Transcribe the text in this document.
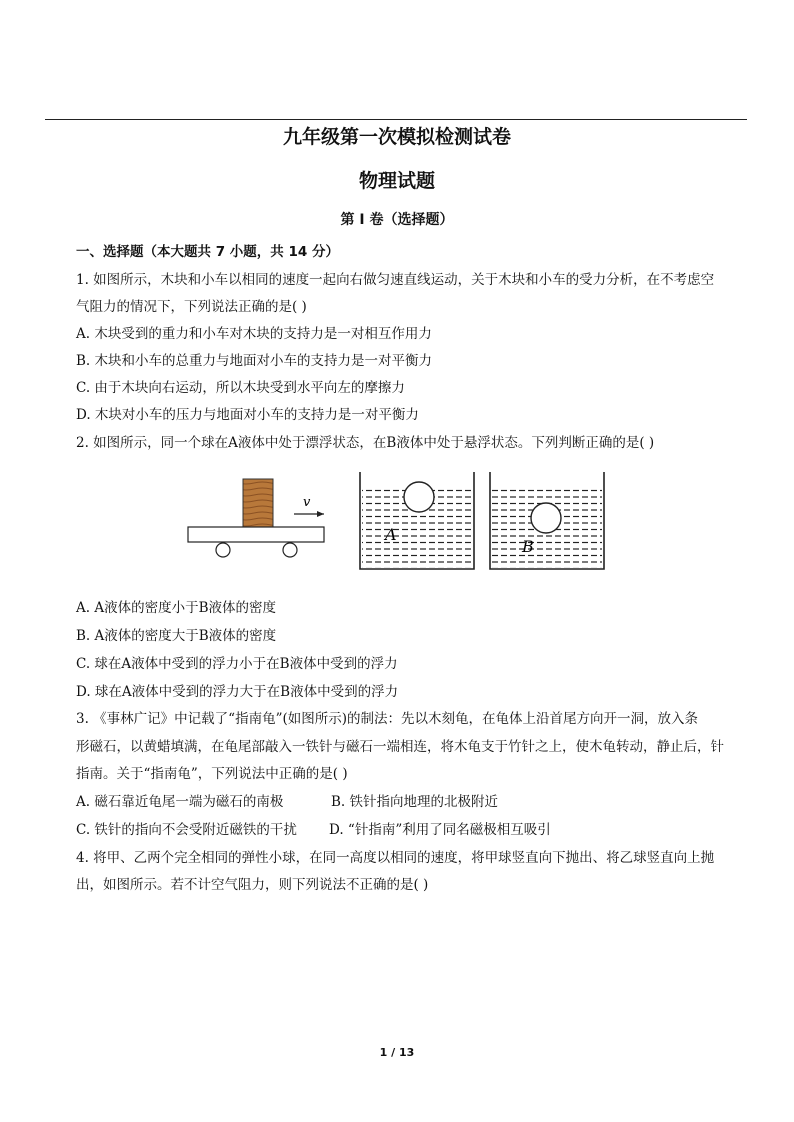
九年级第一次模拟检测试卷
物理试题
第 I 卷（选择题）
一、选择题（本大题共 7 小题，共 14 分）
1. 如图所示，木块和小车以相同的速度一起向右做匀速直线运动，关于木块和小车的受力分析，在不考虑空
气阻力的情况下，下列说法正确的是( )
A. 木块受到的重力和小车对木块的支持力是一对相互作用力
B. 木块和小车的总重力与地面对小车的支持力是一对平衡力
C. 由于木块向右运动，所以木块受到水平向左的摩擦力
D. 木块对小车的压力与地面对小车的支持力是一对平衡力
2. 如图所示，同一个球在A液体中处于漂浮状态，在B液体中处于悬浮状态。下列判断正确的是( )
v
A
B
A. A液体的密度小于B液体的密度
B. A液体的密度大于B液体的密度
C. 球在A液体中受到的浮力小于在B液体中受到的浮力
D. 球在A液体中受到的浮力大于在B液体中受到的浮力
3. 《事林广记》中记载了“指南龟”(如图所示)的制法：先以木刻龟，在龟体上沿首尾方向开一洞，放入条
形磁石，以黄蜡填满，在龟尾部敲入一铁针与磁石一端相连，将木龟支于竹针之上，使木龟转动，静止后，针
指南。关于“指南龟”，下列说法中正确的是( )
A. 磁石靠近龟尾一端为磁石的南极	B. 铁针指向地理的北极附近
C. 铁针的指向不会受附近磁铁的干扰 D. “针指南”利用了同名磁极相互吸引
4. 将甲、乙两个完全相同的弹性小球，在同一高度以相同的速度，将甲球竖直向下抛出、将乙球竖直向上抛
出，如图所示。若不计空气阻力，则下列说法不正确的是( )
1 / 13
